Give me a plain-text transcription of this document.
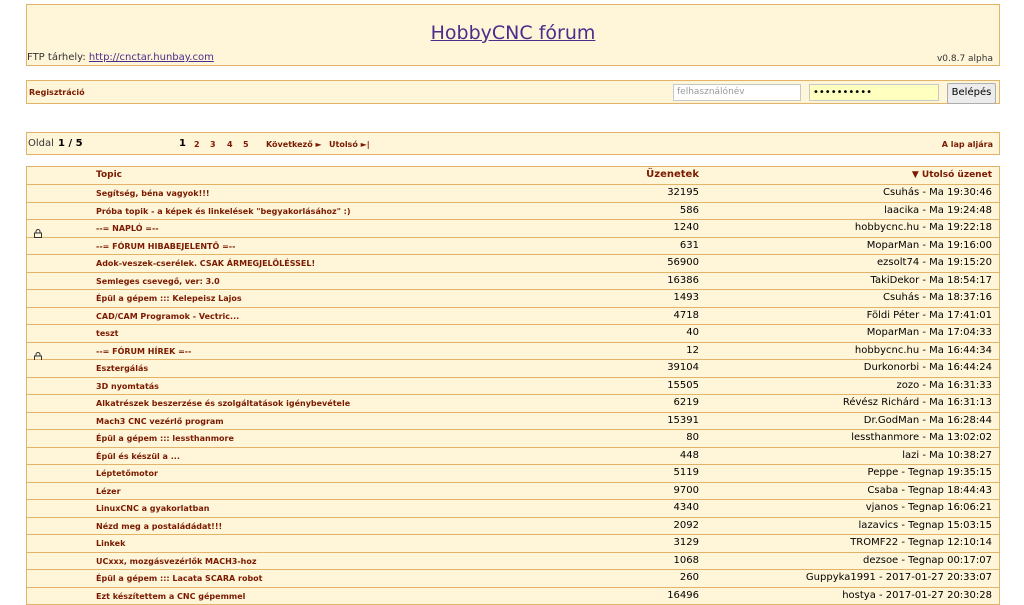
HobbyCNC fórum
FTP tárhely: http://cnctar.hunbay.com	v0.8.7 alpha
Regisztráció	felhasználónév	••••••••••	Belépés
Oldal 1 / 5	1 2 3 4 5 Következő ► Utolsó ►|	A lap aljára
Topic	Üzenetek	▼ Utolsó üzenet
Segítség, béna vagyok!!!	32195	Csuhás - Ma 19:30:46
Próba topik - a képek és linkelések "begyakorlásához" :)	586	laacika - Ma 19:24:48
--= NAPLÓ =--	1240	hobbycnc.hu - Ma 19:22:18
--= FÓRUM HIBABEJELENTŐ =--	631	MoparMan - Ma 19:16:00
Adok-veszek-cserélek. CSAK ÁRMEGJELÖLÉSSEL!	56900	ezsolt74 - Ma 19:15:20
Semleges csevegő, ver: 3.0	16386	TakiDekor - Ma 18:54:17
Épül a gépem ::: Kelepeisz Lajos	1493	Csuhás - Ma 18:37:16
CAD/CAM Programok - Vectric...	4718	Földi Péter - Ma 17:41:01
teszt	40	MoparMan - Ma 17:04:33
--= FÓRUM HÍREK =--	12	hobbycnc.hu - Ma 16:44:34
Esztergálás	39104	Durkonorbi - Ma 16:44:24
3D nyomtatás	15505	zozo - Ma 16:31:33
Alkatrészek beszerzése és szolgáltatások igénybevétele	6219	Révész Richárd - Ma 16:31:13
Mach3 CNC vezérlő program	15391	Dr.GodMan - Ma 16:28:44
Épül a gépem ::: lessthanmore	80	lessthanmore - Ma 13:02:02
Épül és készül a ...	448	lazi - Ma 10:38:27
Léptetőmotor	5119	Peppe - Tegnap 19:35:15
Lézer	9700	Csaba - Tegnap 18:44:43
LinuxCNC a gyakorlatban	4340	vjanos - Tegnap 16:06:21
Nézd meg a postaládádat!!!	2092	lazavics - Tegnap 15:03:15
Linkek	3129	TROMF22 - Tegnap 12:10:14
UCxxx, mozgásvezérlők MACH3-hoz	1068	dezsoe - Tegnap 00:17:07
Épül a gépem ::: Lacata SCARA robot	260	Guppyka1991 - 2017-01-27 20:33:07
Ezt készítettem a CNC gépemmel	16496	hostya - 2017-01-27 20:30:28
